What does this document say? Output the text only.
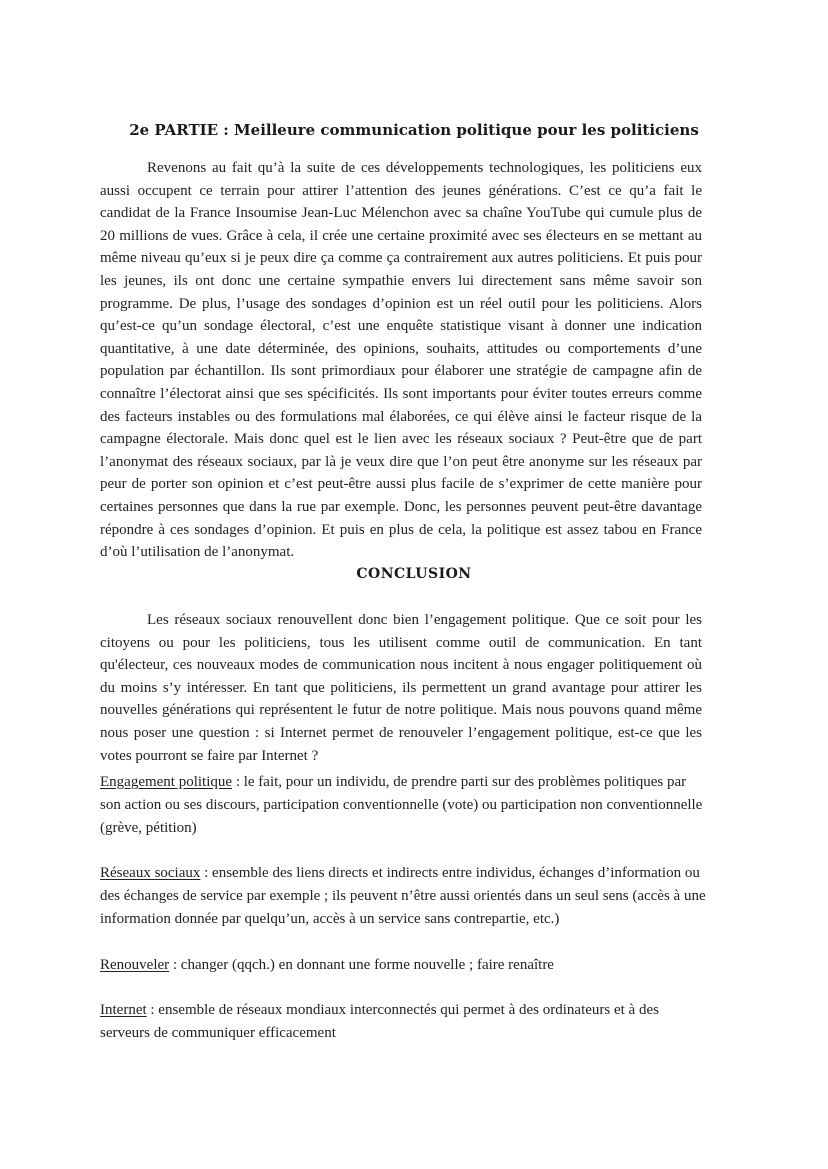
2e PARTIE : Meilleure communication politique pour les politiciens

Revenons au fait qu’à la suite de ces développements technologiques, les politiciens eux aussi occupent ce terrain pour attirer l’attention des jeunes générations. C’est ce qu’a fait le candidat de la France Insoumise Jean-Luc Mélenchon avec sa chaîne YouTube qui cumule plus de 20 millions de vues. Grâce à cela, il crée une certaine proximité avec ses électeurs en se mettant au même niveau qu’eux si je peux dire ça comme ça contrairement aux autres politiciens. Et puis pour les jeunes, ils ont donc une certaine sympathie envers lui directement sans même savoir son programme. De plus, l’usage des sondages d’opinion est un réel outil pour les politiciens. Alors qu’est-ce qu’un sondage électoral, c’est une enquête statistique visant à donner une indication quantitative, à une date déterminée, des opinions, souhaits, attitudes ou comportements d’une population par échantillon. Ils sont primordiaux pour élaborer une stratégie de campagne afin de connaître l’électorat ainsi que ses spécificités. Ils sont importants pour éviter toutes erreurs comme des facteurs instables ou des formulations mal élaborées, ce qui élève ainsi le facteur risque de la campagne électorale. Mais donc quel est le lien avec les réseaux sociaux ? Peut-être que de part l’anonymat des réseaux sociaux, par là je veux dire que l’on peut être anonyme sur les réseaux par peur de porter son opinion et c’est peut-être aussi plus facile de s’exprimer de cette manière pour certaines personnes que dans la rue par exemple. Donc, les personnes peuvent peut-être davantage répondre à ces sondages d’opinion. Et puis en plus de cela, la politique est assez tabou en France d’où l’utilisation de l’anonymat.

CONCLUSION

Les réseaux sociaux renouvellent donc bien l’engagement politique. Que ce soit pour les citoyens ou pour les politiciens, tous les utilisent comme outil de communication. En tant qu'électeur, ces nouveaux modes de communication nous incitent à nous engager politiquement où du moins s’y intéresser. En tant que politiciens, ils permettent un grand avantage pour attirer les nouvelles générations qui représentent le futur de notre politique. Mais nous pouvons quand même nous poser une question : si Internet permet de renouveler l’engagement politique, est-ce que les votes pourront se faire par Internet ?

Engagement politique : le fait, pour un individu, de prendre parti sur des problèmes politiques par son action ou ses discours, participation conventionnelle (vote) ou participation non conventionnelle (grève, pétition)

Réseaux sociaux : ensemble des liens directs et indirects entre individus, échanges d’information ou des échanges de service par exemple ; ils peuvent n’être aussi orientés dans un seul sens (accès à une information donnée par quelqu’un, accès à un service sans contrepartie, etc.)

Renouveler : changer (qqch.) en donnant une forme nouvelle ; faire renaître

Internet : ensemble de réseaux mondiaux interconnectés qui permet à des ordinateurs et à des serveurs de communiquer efficacement
